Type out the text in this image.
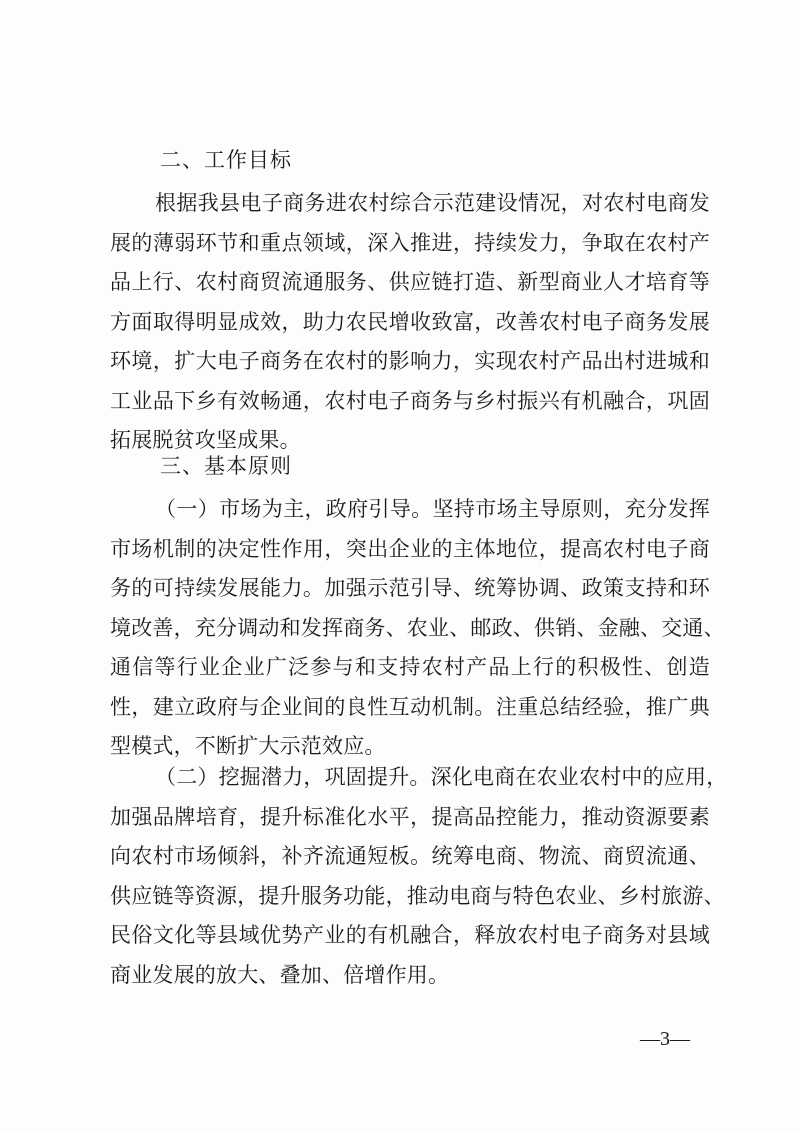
二、工作目标
根据我县电子商务进农村综合示范建设情况，对农村电商发
展的薄弱环节和重点领域，深入推进，持续发力，争取在农村产
品上行、农村商贸流通服务、供应链打造、新型商业人才培育等
方面取得明显成效，助力农民增收致富，改善农村电子商务发展
环境，扩大电子商务在农村的影响力，实现农村产品出村进城和
工业品下乡有效畅通，农村电子商务与乡村振兴有机融合，巩固
拓展脱贫攻坚成果。
三、基本原则
（一）市场为主，政府引导。坚持市场主导原则，充分发挥
市场机制的决定性作用，突出企业的主体地位，提高农村电子商
务的可持续发展能力。加强示范引导、统筹协调、政策支持和环
境改善，充分调动和发挥商务、农业、邮政、供销、金融、交通、
通信等行业企业广泛参与和支持农村产品上行的积极性、创造
性，建立政府与企业间的良性互动机制。注重总结经验，推广典
型模式，不断扩大示范效应。
（二）挖掘潜力，巩固提升。深化电商在农业农村中的应用，
加强品牌培育，提升标准化水平，提高品控能力，推动资源要素
向农村市场倾斜，补齐流通短板。统筹电商、物流、商贸流通、
供应链等资源，提升服务功能，推动电商与特色农业、乡村旅游、
民俗文化等县域优势产业的有机融合，释放农村电子商务对县域
商业发展的放大、叠加、倍增作用。
—3—
